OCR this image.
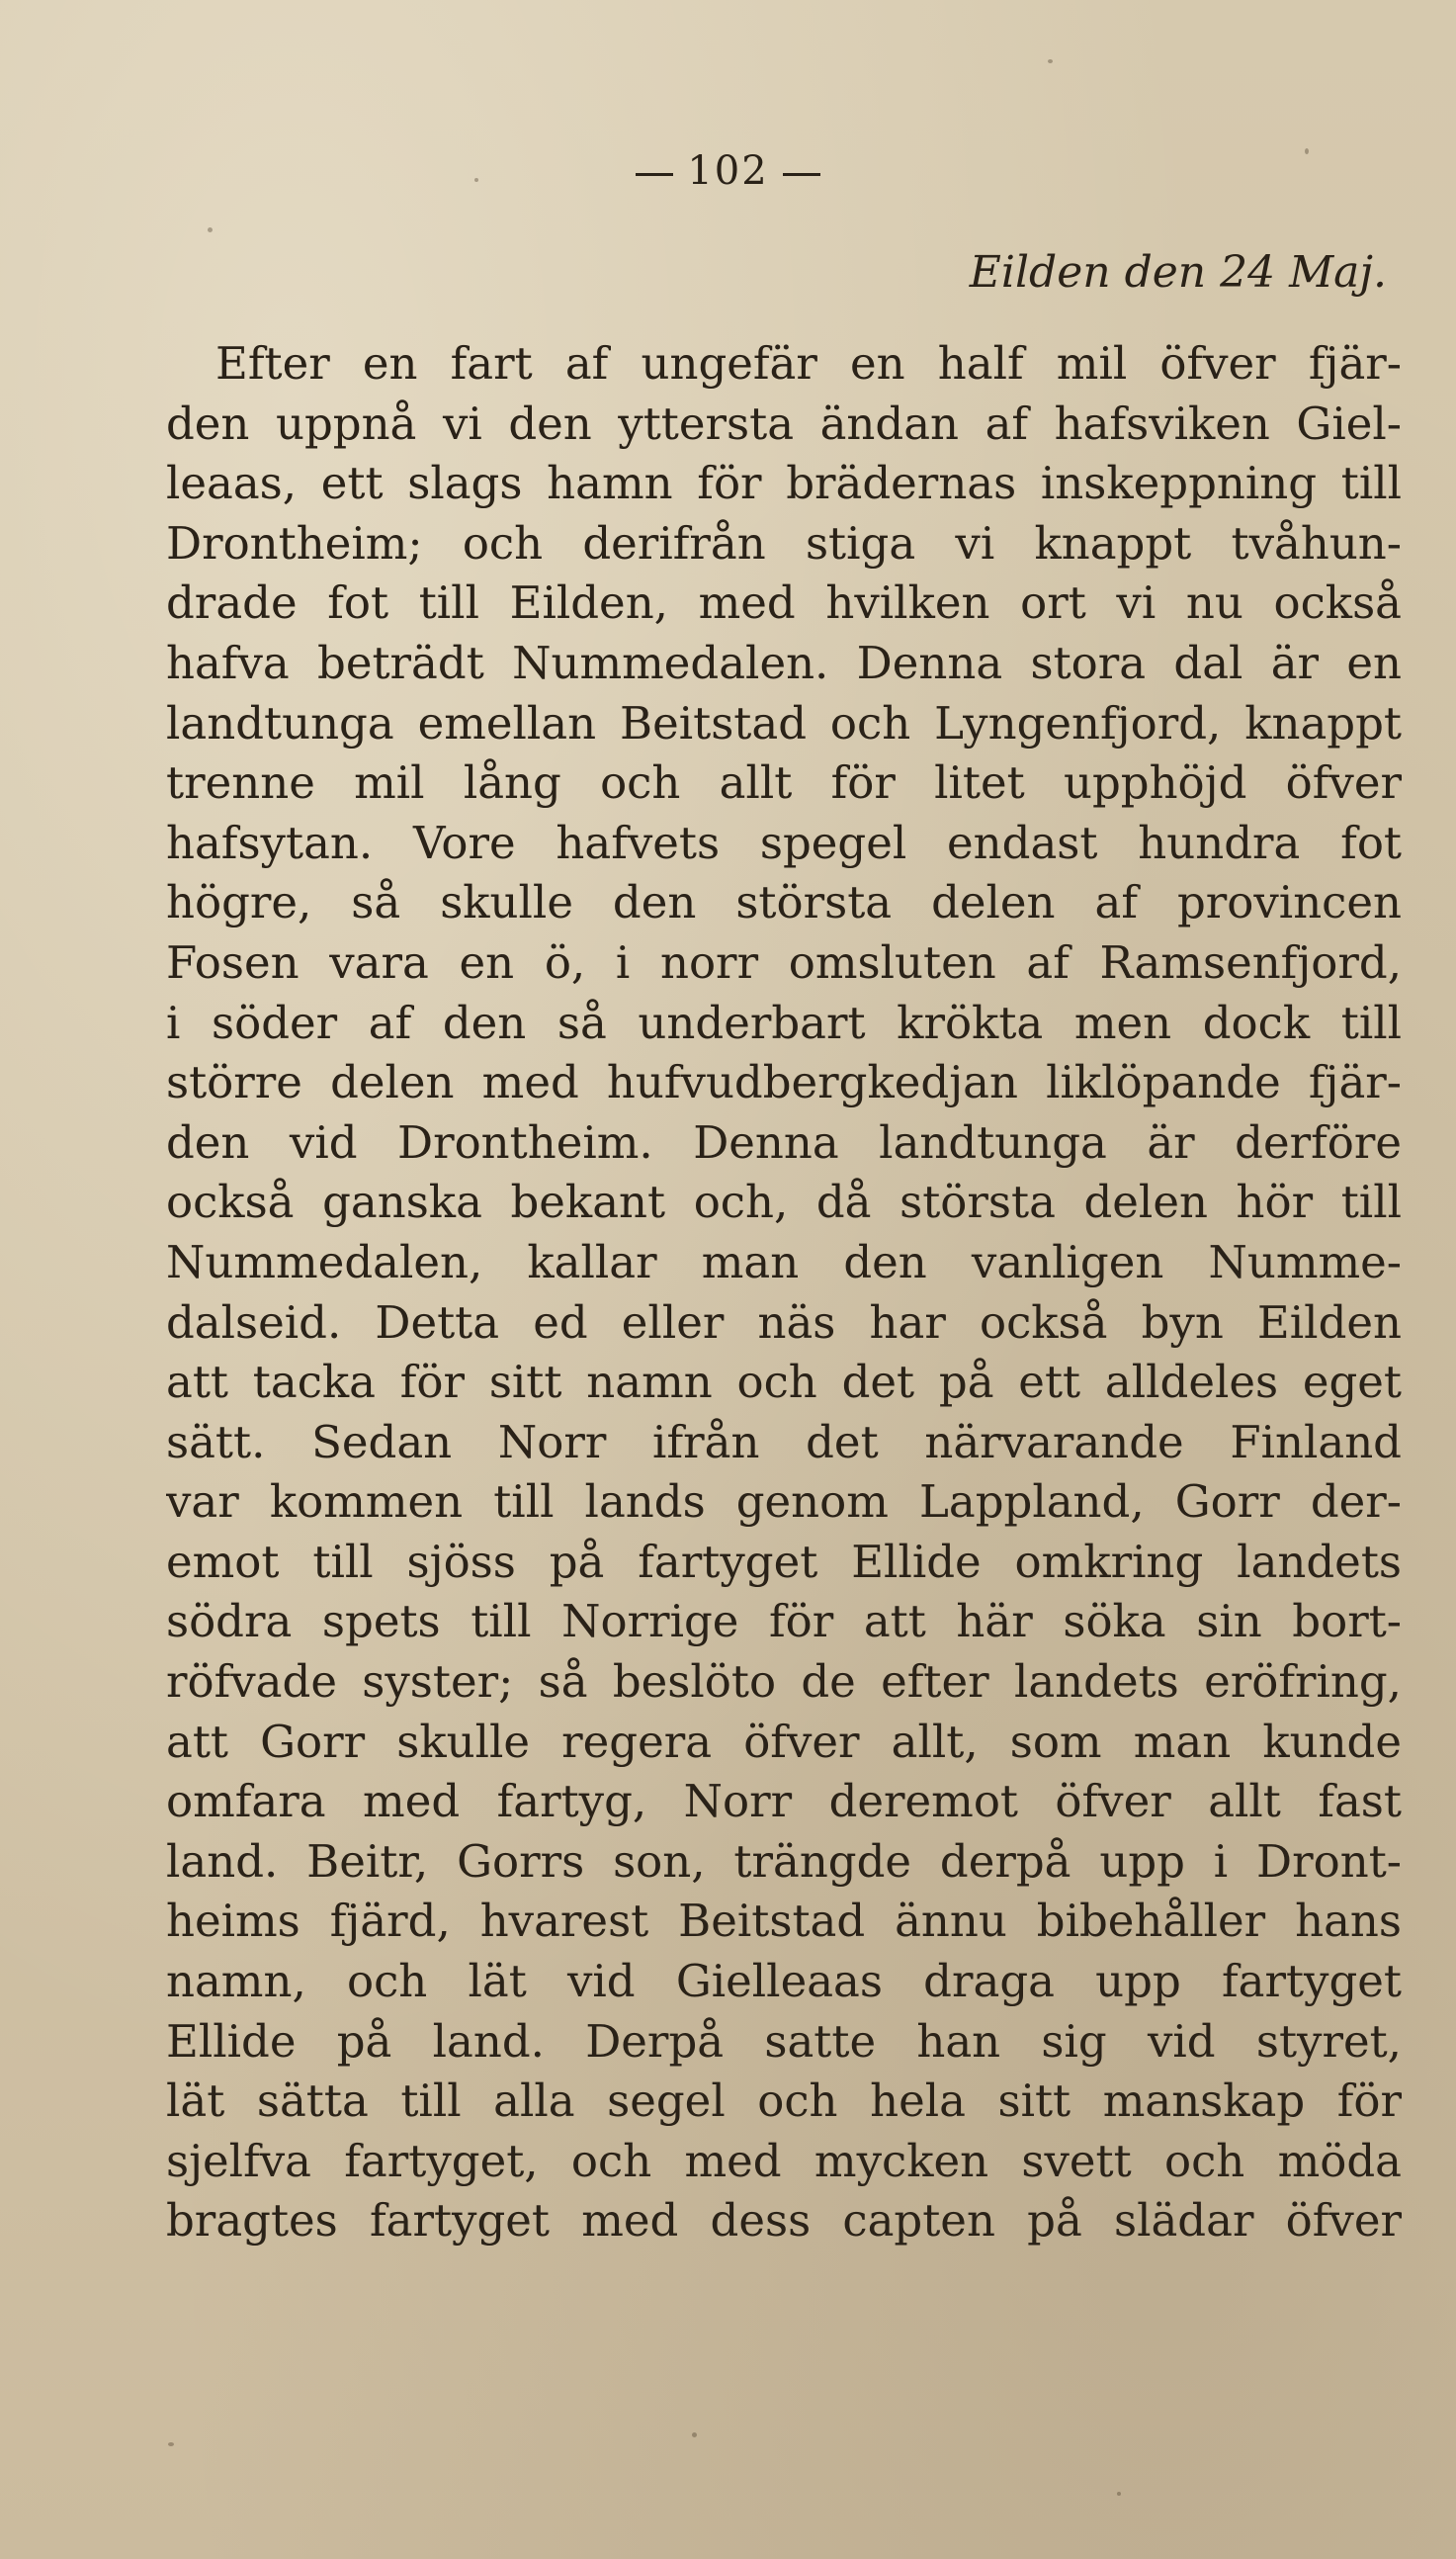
102
Eilden den 24 Maj.
Efter en fart af ungefär en half mil öfver fjär-
den uppnå vi den yttersta ändan af hafsviken Giel-
leaas, ett slags hamn för brädernas inskeppning till
Drontheim; och derifrån stiga vi knappt tvåhun-
drade fot till Eilden, med hvilken ort vi nu också
hafva beträdt Nummedalen. Denna stora dal är en
landtunga emellan Beitstad och Lyngenfjord, knappt
trenne mil lång och allt för litet upphöjd öfver
hafsytan. Vore hafvets spegel endast hundra fot
högre, så skulle den största delen af provincen
Fosen vara en ö, i norr omsluten af Ramsenfjord,
i söder af den så underbart krökta men dock till
större delen med hufvudbergkedjan liklöpande fjär-
den vid Drontheim. Denna landtunga är derföre
också ganska bekant och, då största delen hör till
Nummedalen, kallar man den vanligen Numme-
dalseid. Detta ed eller näs har också byn Eilden
att tacka för sitt namn och det på ett alldeles eget
sätt. Sedan Norr ifrån det närvarande Finland
var kommen till lands genom Lappland, Gorr der-
emot till sjöss på fartyget Ellide omkring landets
södra spets till Norrige för att här söka sin bort-
röfvade syster; så beslöto de efter landets eröfring,
att Gorr skulle regera öfver allt, som man kunde
omfara med fartyg, Norr deremot öfver allt fast
land. Beitr, Gorrs son, trängde derpå upp i Dront-
heims fjärd, hvarest Beitstad ännu bibehåller hans
namn, och lät vid Gielleaas draga upp fartyget
Ellide på land. Derpå satte han sig vid styret,
lät sätta till alla segel och hela sitt manskap för
sjelfva fartyget, och med mycken svett och möda
bragtes fartyget med dess capten på slädar öfver
